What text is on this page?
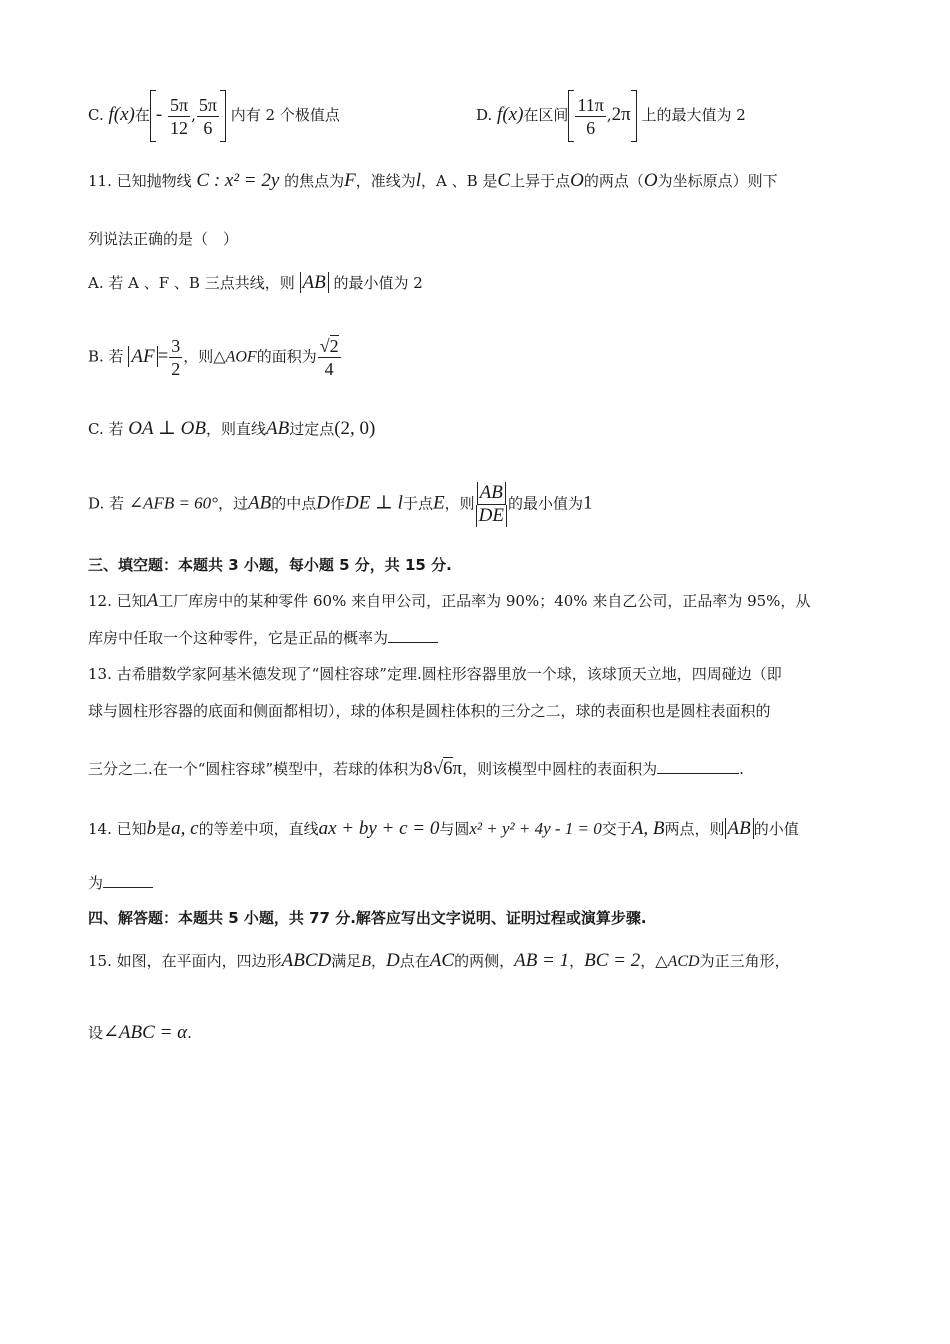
C. f(x)在 - $\frac{5\pi}{12}$ , $\frac{5\pi}{6}$ 内有 2 个极值点	D. f(x)在区间 $\frac{11\pi}{6} ,2\pi$ 上的最大值为 2
11. 已知抛物线 C : x² = 2y 的焦点为F，准线为l，A 、B 是C上异于点O的两点（O为坐标原点）则下
列说法正确的是（　）
A. 若 A 、F 、B 三点共线，则 AB 的最小值为 2
B. 若 AF = $\frac{3}{2}$ ，则△AOF的面积为 $\frac{√2}{4}$
C. 若 OA ⊥ OB，则直线AB过定点(2, 0)
D. 若 ∠AFB = 60°，过AB的中点D作DE ⊥ l于点E，则 $\frac{AB}{DE}$ 的最小值为1
三、填空题：本题共 3 小题，每小题 5 分，共 15 分.
12. 已知A工厂库房中的某种零件 60% 来自甲公司，正品率为 90%；40% 来自乙公司，正品率为 95%，从
库房中任取一个这种零件，它是正品的概率为
13. 古希腊数学家阿基米德发现了“圆柱容球”定理.圆柱形容器里放一个球，该球顶天立地，四周碰边（即
球与圆柱形容器的底面和侧面都相切），球的体积是圆柱体积的三分之二，球的表面积也是圆柱表面积的
三分之二.在一个“圆柱容球”模型中，若球的体积为8√6π，则该模型中圆柱的表面积为	.
14. 已知b是a, c的等差中项，直线ax + by + c = 0与圆x² + y² + 4y - 1 = 0交于A, B两点，则 AB 的小值
为
四、解答题：本题共 5 小题，共 77 分.解答应写出文字说明、证明过程或演算步骤.
15. 如图，在平面内，四边形ABCD满足B，D点在AC的两侧，AB = 1，BC = 2，△ACD为正三角形，
设∠ABC = α.
